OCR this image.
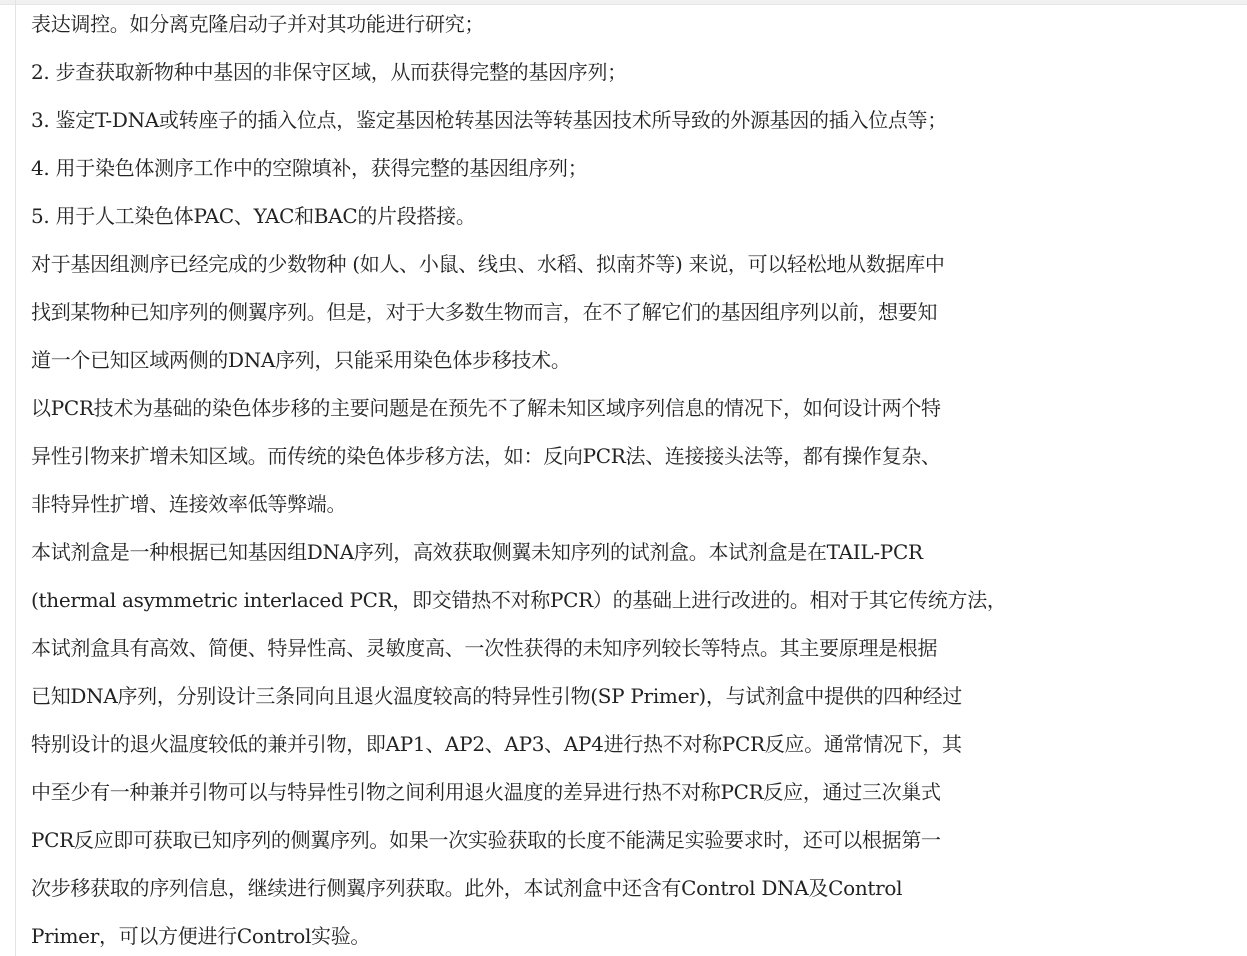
表达调控。如分离克隆启动子并对其功能进行研究；
2. 步查获取新物种中基因的非保守区域，从而获得完整的基因序列；
3. 鉴定T-DNA或转座子的插入位点，鉴定基因枪转基因法等转基因技术所导致的外源基因的插入位点等；
4. 用于染色体测序工作中的空隙填补，获得完整的基因组序列；
5. 用于人工染色体PAC、YAC和BAC的片段搭接。
对于基因组测序已经完成的少数物种 (如人、小鼠、线虫、水稻、拟南芥等) 来说，可以轻松地从数据库中
找到某物种已知序列的侧翼序列。但是，对于大多数生物而言，在不了解它们的基因组序列以前，想要知
道一个已知区域两侧的DNA序列，只能采用染色体步移技术。
以PCR技术为基础的染色体步移的主要问题是在预先不了解未知区域序列信息的情况下，如何设计两个特
异性引物来扩增未知区域。而传统的染色体步移方法，如：反向PCR法、连接接头法等，都有操作复杂、
非特异性扩增、连接效率低等弊端。
本试剂盒是一种根据已知基因组DNA序列，高效获取侧翼未知序列的试剂盒。本试剂盒是在TAIL-PCR
(thermal asymmetric interlaced PCR，即交错热不对称PCR）的基础上进行改进的。相对于其它传统方法，
本试剂盒具有高效、简便、特异性高、灵敏度高、一次性获得的未知序列较长等特点。其主要原理是根据
已知DNA序列，分别设计三条同向且退火温度较高的特异性引物(SP Primer)，与试剂盒中提供的四种经过
特别设计的退火温度较低的兼并引物，即AP1、AP2、AP3、AP4进行热不对称PCR反应。通常情况下，其
中至少有一种兼并引物可以与特异性引物之间利用退火温度的差异进行热不对称PCR反应，通过三次巢式
PCR反应即可获取已知序列的侧翼序列。如果一次实验获取的长度不能满足实验要求时，还可以根据第一
次步移获取的序列信息，继续进行侧翼序列获取。此外，本试剂盒中还含有Control DNA及Control
Primer，可以方便进行Control实验。
